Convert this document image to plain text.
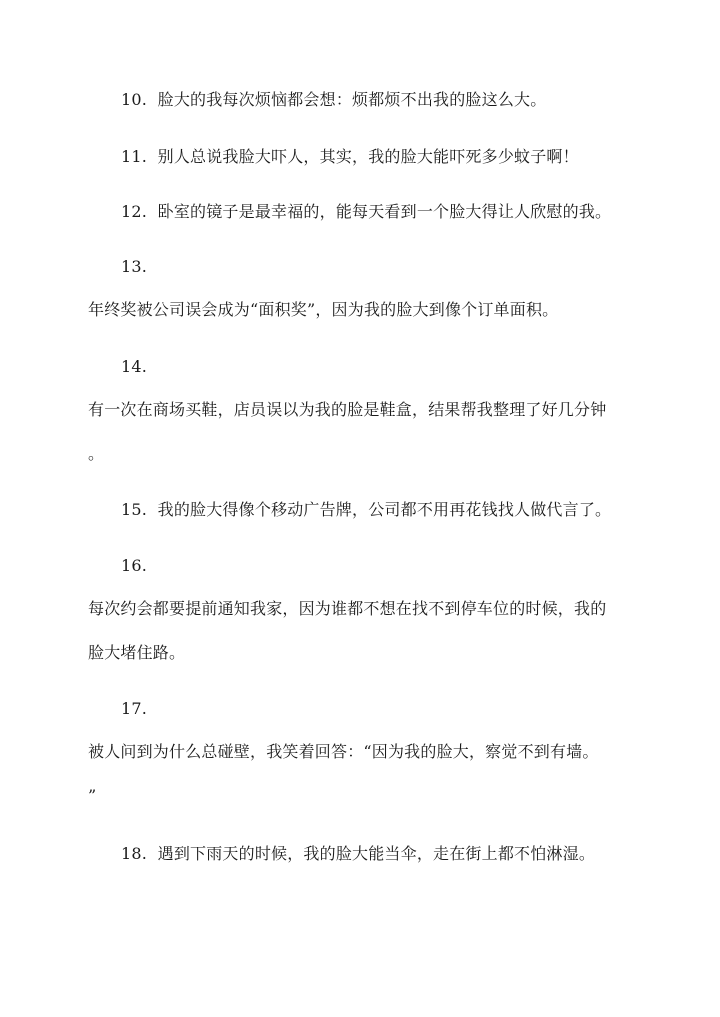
10. 脸大的我每次烦恼都会想：烦都烦不出我的脸这么大。
11. 别人总说我脸大吓人，其实，我的脸大能吓死多少蚊子啊！
12. 卧室的镜子是最幸福的，能每天看到一个脸大得让人欣慰的我。
13.
年终奖被公司误会成为“面积奖”，因为我的脸大到像个订单面积。
14.
有一次在商场买鞋，店员误以为我的脸是鞋盒，结果帮我整理了好几分钟
。
15. 我的脸大得像个移动广告牌，公司都不用再花钱找人做代言了。
16.
每次约会都要提前通知我家，因为谁都不想在找不到停车位的时候，我的
脸大堵住路。
17.
被人问到为什么总碰壁，我笑着回答：“因为我的脸大，察觉不到有墙。
”
18. 遇到下雨天的时候，我的脸大能当伞，走在街上都不怕淋湿。
